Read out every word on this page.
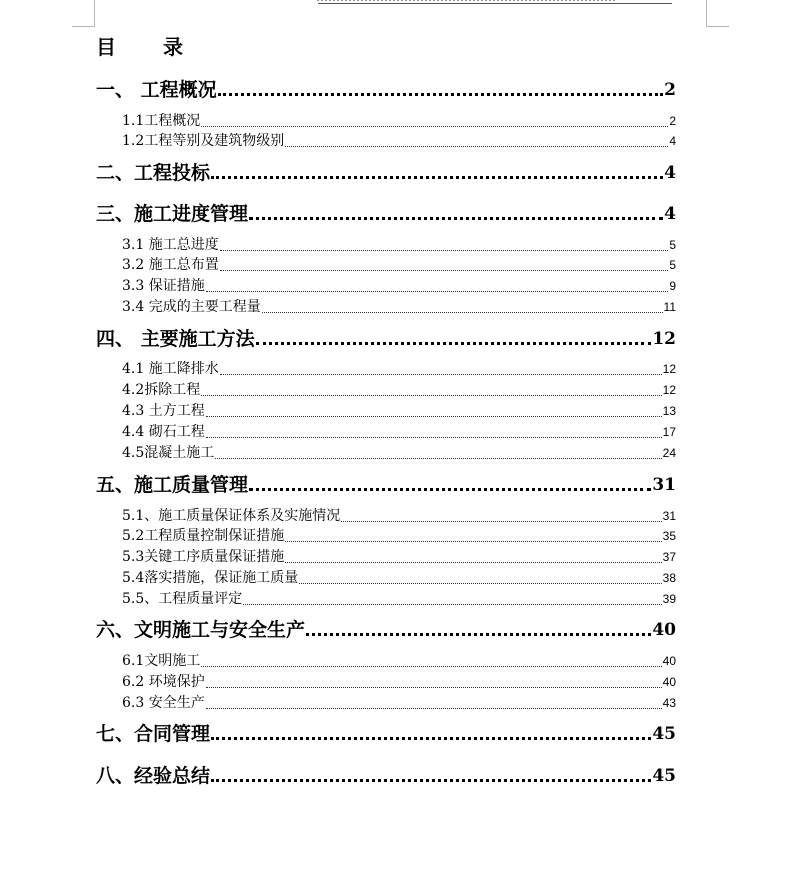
目 录
一、 工程概况	2
1.1工程概况	2
1.2工程等别及建筑物级别	4
二、工程投标	4
三、施工进度管理	4
3.1 施工总进度	5
3.2 施工总布置	5
3.3 保证措施	9
3.4 完成的主要工程量	11
四、 主要施工方法	12
4.1 施工降排水	12
4.2拆除工程	12
4.3 土方工程	13
4.4 砌石工程	17
4.5混凝土施工	24
五、施工质量管理	31
5.1、施工质量保证体系及实施情况	31
5.2工程质量控制保证措施	35
5.3关键工序质量保证措施	37
5.4落实措施，保证施工质量	38
5.5、工程质量评定	39
六、文明施工与安全生产	40
6.1文明施工	40
6.2 环境保护	40
6.3 安全生产	43
七、合同管理	45
八、经验总结	45
